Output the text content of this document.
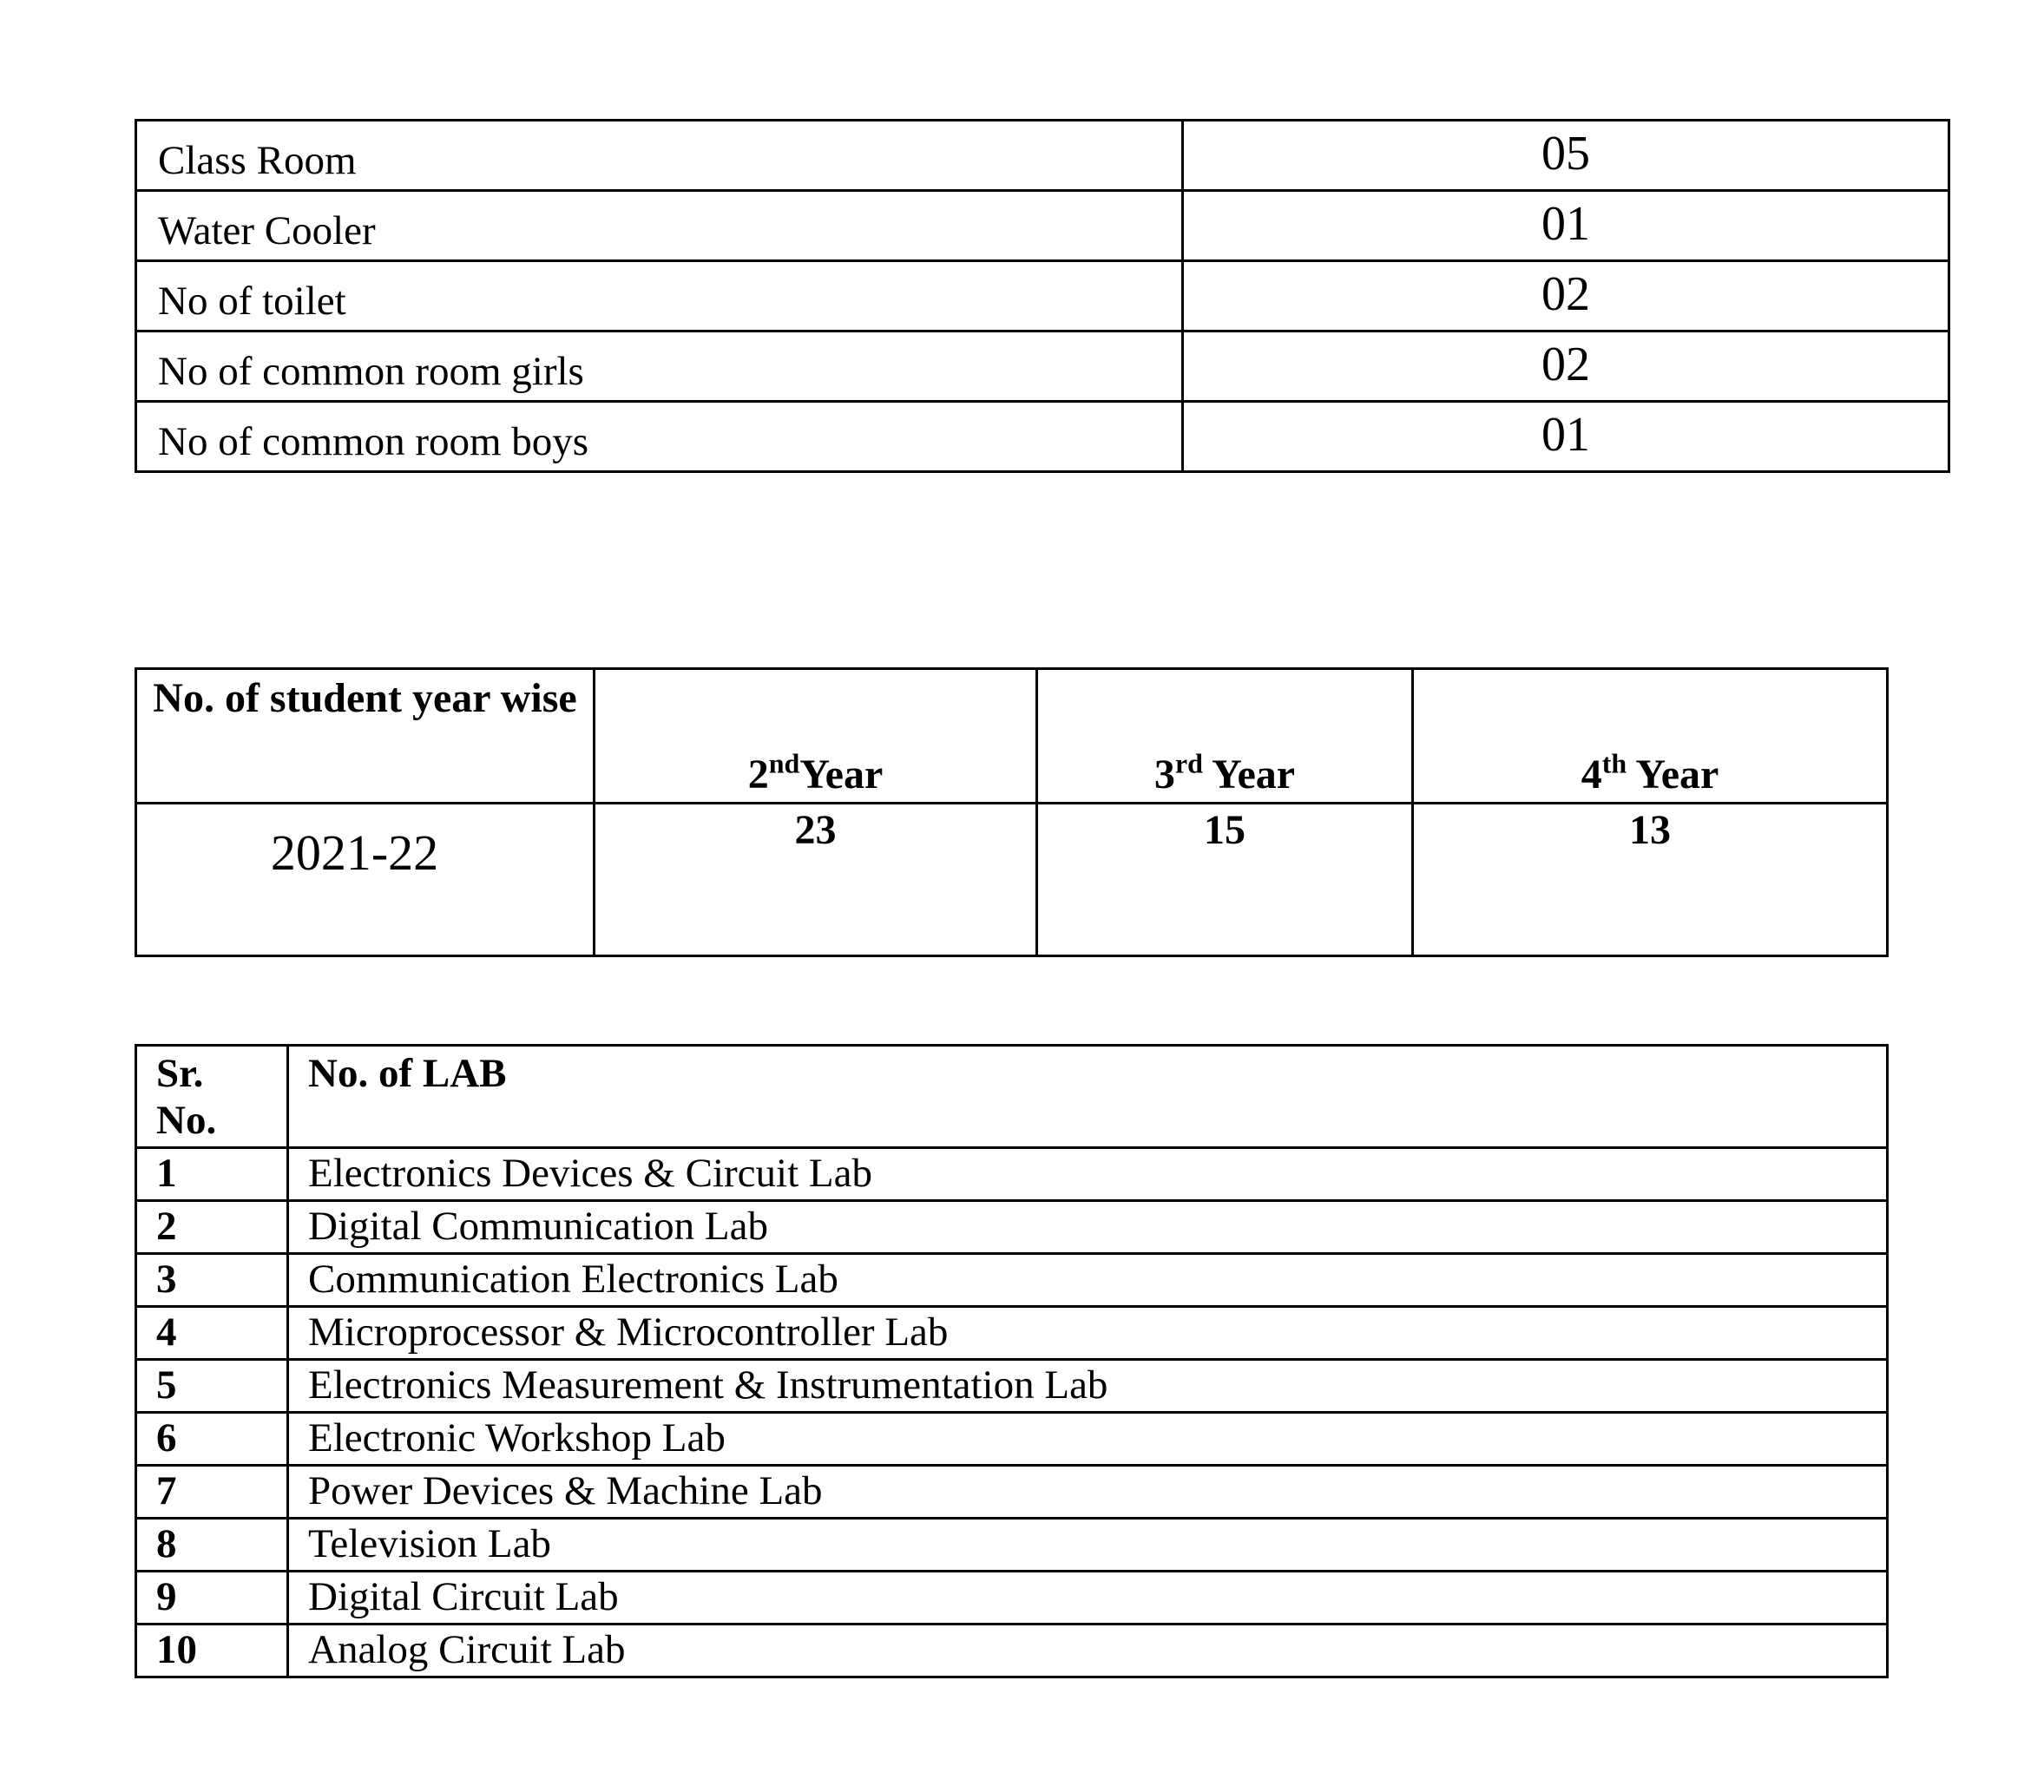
Class Room	05
Water Cooler	01
No of toilet	02
No of common room girls	02
No of common room boys	01
No. of student year wise	2ndYear	3rd Year	4th Year
2021-22	23	15	13
Sr.
No.	No. of LAB
1	Electronics Devices & Circuit Lab
2	Digital Communication Lab
3	Communication Electronics Lab
4	Microprocessor & Microcontroller Lab
5	Electronics Measurement & Instrumentation Lab
6	Electronic Workshop Lab
7	Power Devices & Machine Lab
8	Television Lab
9	Digital Circuit Lab
10	Analog Circuit Lab
